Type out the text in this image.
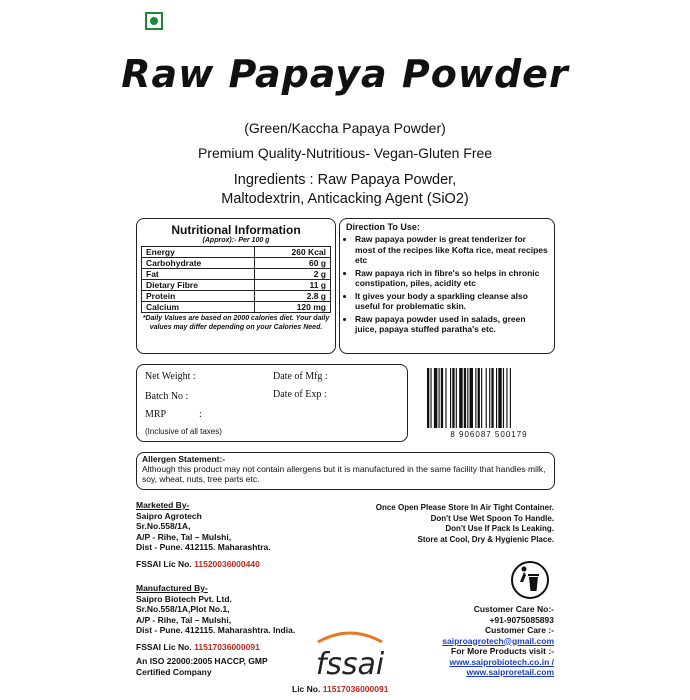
Raw Papaya Powder
(Green/Kaccha Papaya Powder)
Premium Quality-Nutritious- Vegan-Gluten Free
Ingredients : Raw Papaya Powder,
Maltodextrin, Anticacking Agent (SiO2)
Nutritional Information
(Approx):- Per 100 g
Energy	260 Kcal
Carbohydrate	60 g
Fat	2 g
Dietary Fibre	11 g
Protein	2.8 g
Calcium	120 mg
*Daily Values are based on 2000 calories diet. Your daily values may differ depending on your Calories Need.
Direction To Use:
• Raw papaya powder is great tenderizer for most of the recipes like Kofta rice, meat recipes etc
• Raw papaya rich in fibre's so helps in chronic constipation, piles, acidity etc
• It gives your body a sparkling cleanse also useful for problematic skin.
• Raw papaya powder used in salads, green juice, papaya stuffed paratha's etc.
Net Weight :
Batch No :
MRP	:
(Inclusive of all taxes)
Date of Mfg :
Date of Exp :
8 906087 500179
Allergen Statement:-
Although this product may not contain allergens but it is manufactured in the same facility that handles milk, soy, wheat, nuts, tree parts etc.
Marketed By-
Saipro Agrotech
Sr.No.558/1A,
A/P - Rihe, Tal – Mulshi,
Dist - Pune. 412115. Maharashtra.
FSSAI Lic No. 11520036000440
Manufactured By-
Saipro Biotech Pvt. Ltd.
Sr.No.558/1A,Plot No.1,
A/P - Rihe, Tal – Mulshi,
Dist - Pune. 412115. Maharashtra. India.
FSSAI Lic No. 11517036000091
An ISO 22000:2005 HACCP, GMP
Certified Company
Once Open Please Store In Air Tight Container.
Don't Use Wet Spoon To Handle.
Don't Use If Pack Is Leaking.
Store at Cool, Dry & Hygienic Place.
fssai
Lic No. 11517036000091
Customer Care No:-
+91-9075085893
Customer Care :-
saiproagrotech@gmail.com
For More Products visit :-
www.saiprobiotech.co.in /
www.saiproretail.com
